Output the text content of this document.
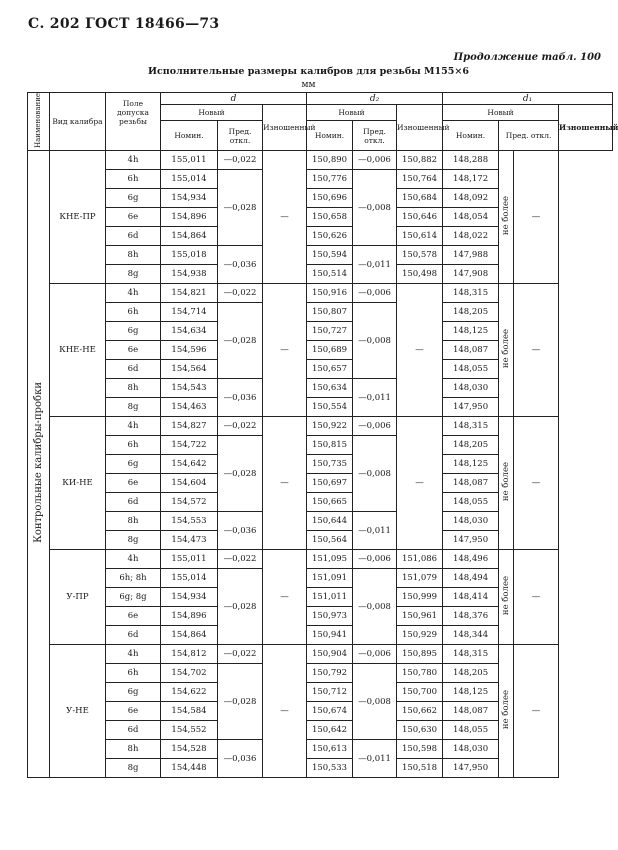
С. 202 ГОСТ 18466—73
Продолжение табл. 100
Исполнительные размеры калибров для резьбы М155×6
мм
Наименование	Вид калибра	Поле допуска резьбы	d			d₂			d₁			
			Новый		Изношенный	Новый		Изношенный	Новый			Изношенный
			Номин.	Пред. откл.		Номин.	Пред. откл.		Номин.	Пред. откл.		
Контрольные калибры-пробки	КНЕ-ПР	4h	155,011	—0,022	—	150,890	—0,006	150,882	148,288	не более	—	
		6h	155,014	—0,028		150,776	—0,008	150,764	148,172			
		6g	154,934			150,696		150,684	148,092			
		6e	154,896			150,658		150,646	148,054			
		6d	154,864			150,626		150,614	148,022			
		8h	155,018	—0,036		150,594	—0,011	150,578	147,988			
		8g	154,938			150,514		150,498	147,908			
	КНЕ-НЕ	4h	154,821	—0,022	—	150,916	—0,006	—	148,315	не более	—	
		6h	154,714	—0,028		150,807	—0,008		148,205			
		6g	154,634			150,727			148,125			
		6e	154,596			150,689			148,087			
		6d	154,564			150,657			148,055			
		8h	154,543	—0,036		150,634	—0,011		148,030			
		8g	154,463			150,554			147,950			
	КИ-НЕ	4h	154,827	—0,022	—	150,922	—0,006	—	148,315	не более	—	
		6h	154,722	—0,028		150,815	—0,008		148,205			
		6g	154,642			150,735			148,125			
		6e	154,604			150,697			148,087			
		6d	154,572			150,665			148,055			
		8h	154,553	—0,036		150,644	—0,011		148,030			
		8g	154,473			150,564			147,950			
	У-ПР	4h	155,011	—0,022	—	151,095	—0,006	151,086	148,496	не более	—	
		6h; 8h	155,014	—0,028		151,091	—0,008	151,079	148,494			
		6g; 8g	154,934			151,011		150,999	148,414			
		6e	154,896			150,973		150,961	148,376			
		6d	154,864			150,941		150,929	148,344			
	У-НЕ	4h	154,812	—0,022	—	150,904	—0,006	150,895	148,315	не более	—	
		6h	154,702	—0,028		150,792	—0,008	150,780	148,205			
		6g	154,622			150,712		150,700	148,125			
		6e	154,584			150,674		150,662	148,087			
		6d	154,552			150,642		150,630	148,055			
		8h	154,528	—0,036		150,613	—0,011	150,598	148,030			
		8g	154,448			150,533		150,518	147,950			
